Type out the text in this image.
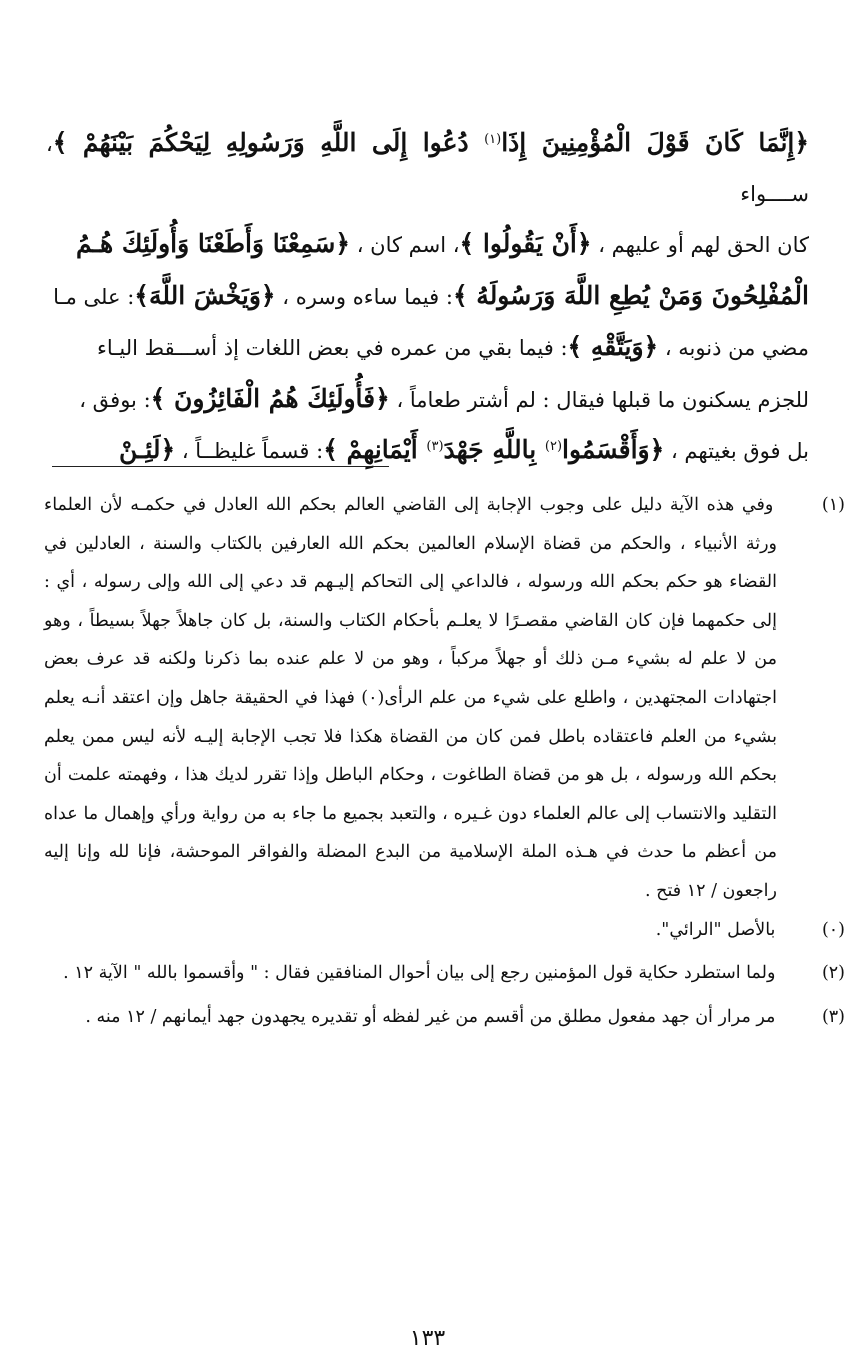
﴿إِنَّمَا كَانَ قَوْلَ الْمُؤْمِنِينَ إِذَا$^{(١)}$ دُعُوا إِلَى اللَّهِ وَرَسُولِهِ لِيَحْكُمَ بَيْنَهُمْ ﴾، ســــواء
كان الحق لهم أو عليهم ، ﴿أَنْ يَقُولُوا ﴾، اسم كان ، ﴿سَمِعْنَا وَأَطَعْنَا وَأُولَئِكَ هُـمُ
الْمُفْلِحُونَ وَمَنْ يُطِعِ اللَّهَ وَرَسُولَهُ ﴾: فيما ساءه وسره ، ﴿وَيَخْشَ اللَّهَ﴾: على مـا
مضي من ذنوبه ، ﴿وَيَتَّقْهِ ﴾: فيما بقي من عمره في بعض اللغات إذ أســـقط اليـاء
للجزم يسكنون ما قبلها فيقال : لم أشتر طعاماً ، ﴿فَأُولَئِكَ هُمُ الْفَائِزُونَ ﴾: بوفق ،
بل فوق بغيتهم ، ﴿وَأَقْسَمُوا$^{(٢)}$ بِاللَّهِ جَهْدَ$^{(٣)}$ أَيْمَانِهِمْ ﴾: قسماً غليظــاً ، ﴿لَئِـنْ

(١) وفي هذه الآية دليل على وجوب الإجابة إلى القاضي العالم بحكم الله العادل في حكمـه لأن العلماء ورثة الأنبياء ، والحكم من قضاة الإسلام العالمين بحكم الله العارفين بالكتاب والسنة ، العادلين في القضاء هو حكم بحكم الله ورسوله ، فالداعي إلى التحاكم إليـهم قد دعي إلى الله وإلى رسوله ، أي : إلى حكمهما فإن كان القاضي مقصـرًا لا يعلـم بأحكام الكتاب والسنة، بل كان جاهلاً جهلاً بسيطاً ، وهو من لا علم له بشيء مـن ذلك أو جهلاً مركباً ، وهو من لا علم عنده بما ذكرنا ولكنه قد عرف بعض اجتهادات المجتهدين ، واطلع على شيء من علم الرأى(٠) فهذا في الحقيقة جاهل وإن اعتقد أنـه يعلم بشيء من العلم فاعتقاده باطل فمن كان من القضاة هكذا فلا تجب الإجابة إليـه لأنه ليس ممن يعلم بحكم الله ورسوله ، بل هو من قضاة الطاغوت ، وحكام الباطل وإذا تقرر لديك هذا ، وفهمته علمت أن التقليد والانتساب إلى عالم العلماء دون غـيره ، والتعبد بجميع ما جاء به من رواية ورأي وإهمال ما عداه من أعظم ما حدث في هـذه الملة الإسلامية من البدع المضلة والفواقر الموحشة، فإنا لله وإنا إليه راجعون / ١٢ فتح .

(٠) بالأصل "الرائي".

(٢) ولما استطرد حكاية قول المؤمنين رجع إلى بيان أحوال المنافقين فقال : " وأقسموا بالله " الآية ١٢ .

(٣) مر مرار أن جهد مفعول مطلق من أقسم من غير لفظه أو تقديره يجهدون جهد أيمانهم / ١٢ منه .

١٣٣
